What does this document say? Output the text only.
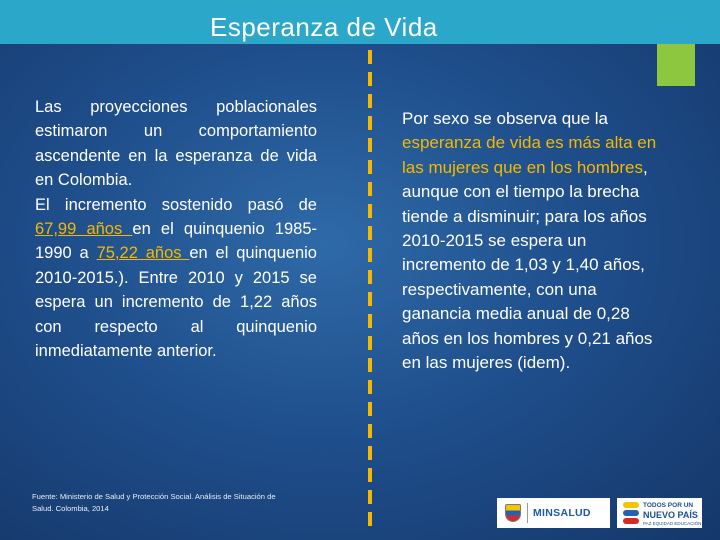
Esperanza de Vida
Las proyecciones poblacionales estimaron un comportamiento ascendente en la esperanza de vida en Colombia.
El incremento sostenido pasó de 67,99 años en el quinquenio 1985-1990 a 75,22 años en el quinquenio 2010-2015.). Entre 2010 y 2015 se espera un incremento de 1,22 años con respecto al quinquenio inmediatamente anterior.
Por sexo se observa que la esperanza de vida es más alta en las mujeres que en los hombres, aunque con el tiempo la brecha tiende a disminuir; para los años 2010-2015 se espera un incremento de 1,03 y 1,40 años, respectivamente, con una ganancia media anual de 0,28 años en los hombres y 0,21 años en las mujeres (idem).
Fuente: Ministerio de Salud y Protección Social. Análisis de Situación de Salud. Colombia, 2014	MINSALUD
TODOS POR UN
NUEVO PAÍS
PAZ EQUIDAD EDUCACIÓN
